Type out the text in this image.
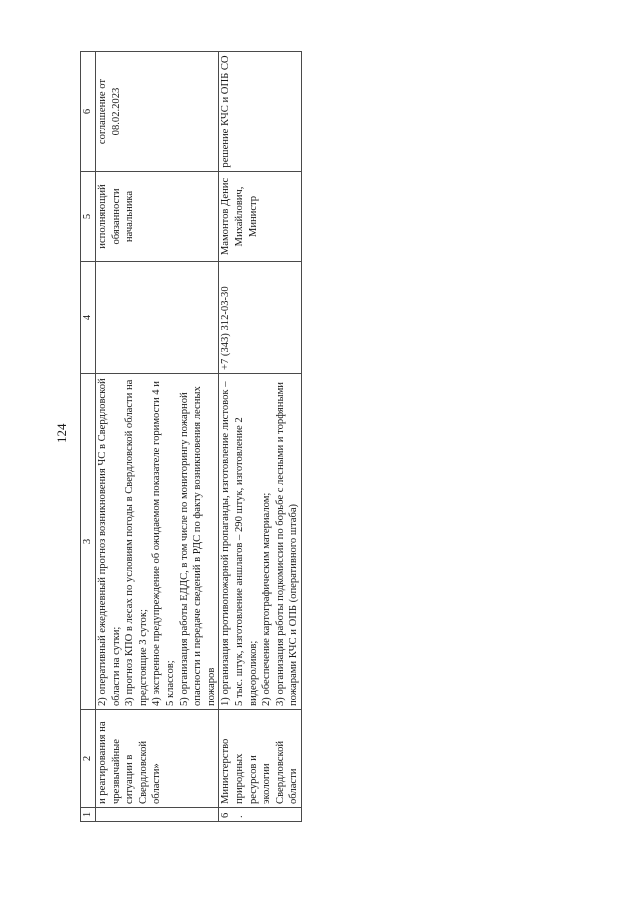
124
1	2	3	4	5	6
	и реагирования на чрезвычайные ситуации в Свердловской области»	2) оперативный ежедневный прогноз возникновения ЧС в Свердловской области на сутки; 3) прогноз КПО в лесах по условиям погоды в Свердловской области на предстоящие 3 суток; 4) экстренное предупреждение об ожидаемом показателе горимости 4 и 5 классов; 5) организация работы ЕДДС, в том числе по мониторингу пожарной опасности и передаче сведений в РДС по факту возникновения лесных пожаров		исполняющий обязанности начальника	соглашение от 08.02.2023
6.	Министерство природных ресурсов и экологии Свердловской области	1) организация противопожарной пропаганды, изготовление листовок – 5 тыс. штук, изготовление аншлагов – 290 штук, изготовление 2 видеороликов; 2) обеспечение картографическим материалом; 3) организация работы подкомиссии по борьбе с лесными и торфяными пожарами КЧС и ОПБ (оперативного штаба)	+7 (343) 312-03-30	Мамонтов Денис Михайлович, Министр	решение КЧС и ОПБ СО
